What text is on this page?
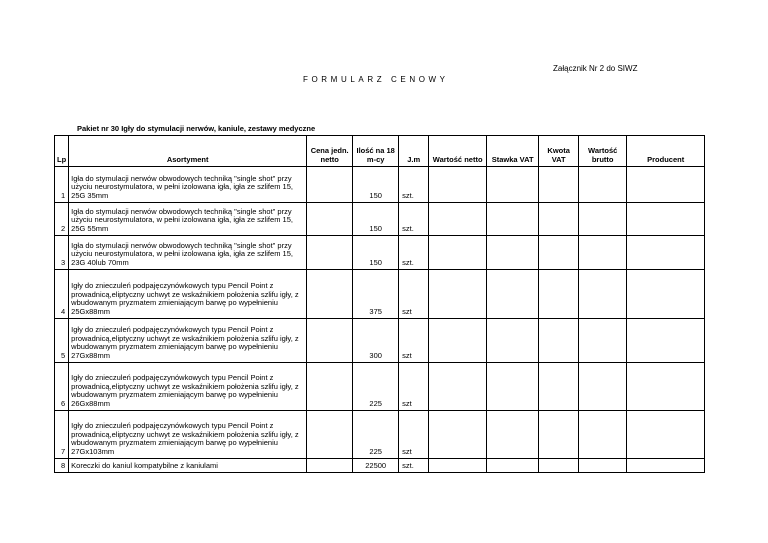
Załącznik Nr 2 do SIWZ
FORMULARZ CENOWY
Pakiet nr 30 Igły do stymulacji nerwów, kaniule, zestawy medyczne
Lp	Asortyment	Cena jedn. netto	Ilość na 18 m-cy	J.m	Wartość netto	Stawka VAT	Kwota VAT	Wartość brutto	Producent
1	Igła do stymulacji nerwów obwodowych techniką "single shot" przy użyciu neurostymulatora, w pełni izolowana igła, igła ze szlifem 15, 25G 35mm		150	szt.					
2	Igła do stymulacji nerwów obwodowych techniką "single shot" przy użyciu neurostymulatora, w pełni izolowana igła, igła ze szlifem 15, 25G 55mm		150	szt.					
3	Igła do stymulacji nerwów obwodowych techniką "single shot" przy użyciu neurostymulatora, w pełni izolowana igła, igła ze szlifem 15, 23G 40lub 70mm		150	szt.					
4	Igły do znieczuleń podpajęczynówkowych typu Pencil Point z prowadnicą,eliptyczny uchwyt ze wskaźnikiem położenia szlifu igły, z wbudowanym pryzmatem zmieniającym barwę po wypełnieniu 25Gx88mm		375	szt					
5	Igły do znieczuleń podpajęczynówkowych typu Pencil Point z prowadnicą,eliptyczny uchwyt ze wskaźnikiem położenia szlifu igły, z wbudowanym pryzmatem zmieniającym barwę po wypełnieniu 27Gx88mm		300	szt					
6	Igły do znieczuleń podpajęczynówkowych typu Pencil Point z prowadnicą,eliptyczny uchwyt ze wskaźnikiem położenia szlifu igły, z wbudowanym pryzmatem zmieniającym barwę po wypełnieniu 26Gx88mm		225	szt					
7	Igły do znieczuleń podpajęczynówkowych typu Pencil Point z prowadnicą,eliptyczny uchwyt ze wskaźnikiem położenia szlifu igły, z wbudowanym pryzmatem zmieniającym barwę po wypełnieniu 27Gx103mm		225	szt					
8	Koreczki do kaniul kompatybilne z kaniulami		22500	szt.					
